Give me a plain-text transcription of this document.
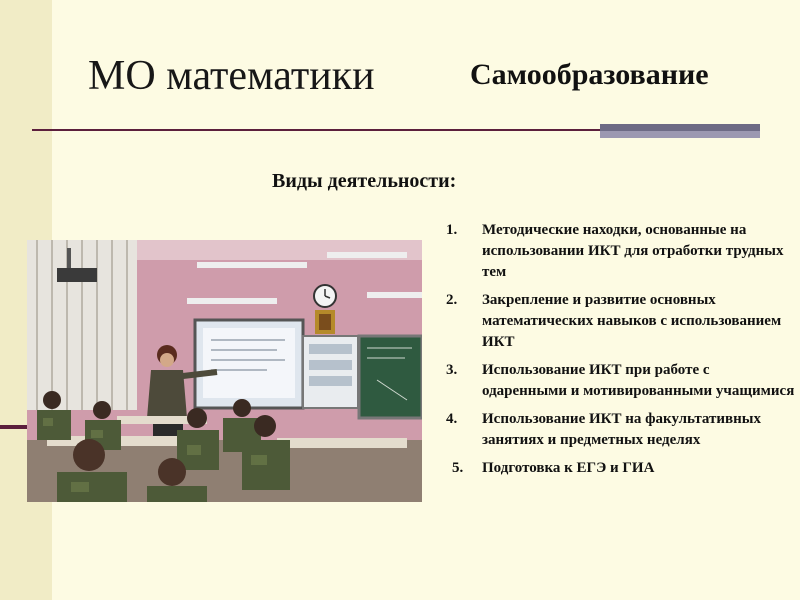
МО математики	Самообразование
Виды деятельности:
1.	Методические находки, основанные на использовании ИКТ для отработки трудных тем
2.	Закрепление и развитие основных математических навыков с использованием ИКТ
3.	Использование ИКТ при работе с одаренными и мотивированными учащимися
4.	Использование ИКТ на факультативных занятиях и предметных неделях
5.	Подготовка к ЕГЭ и ГИА
